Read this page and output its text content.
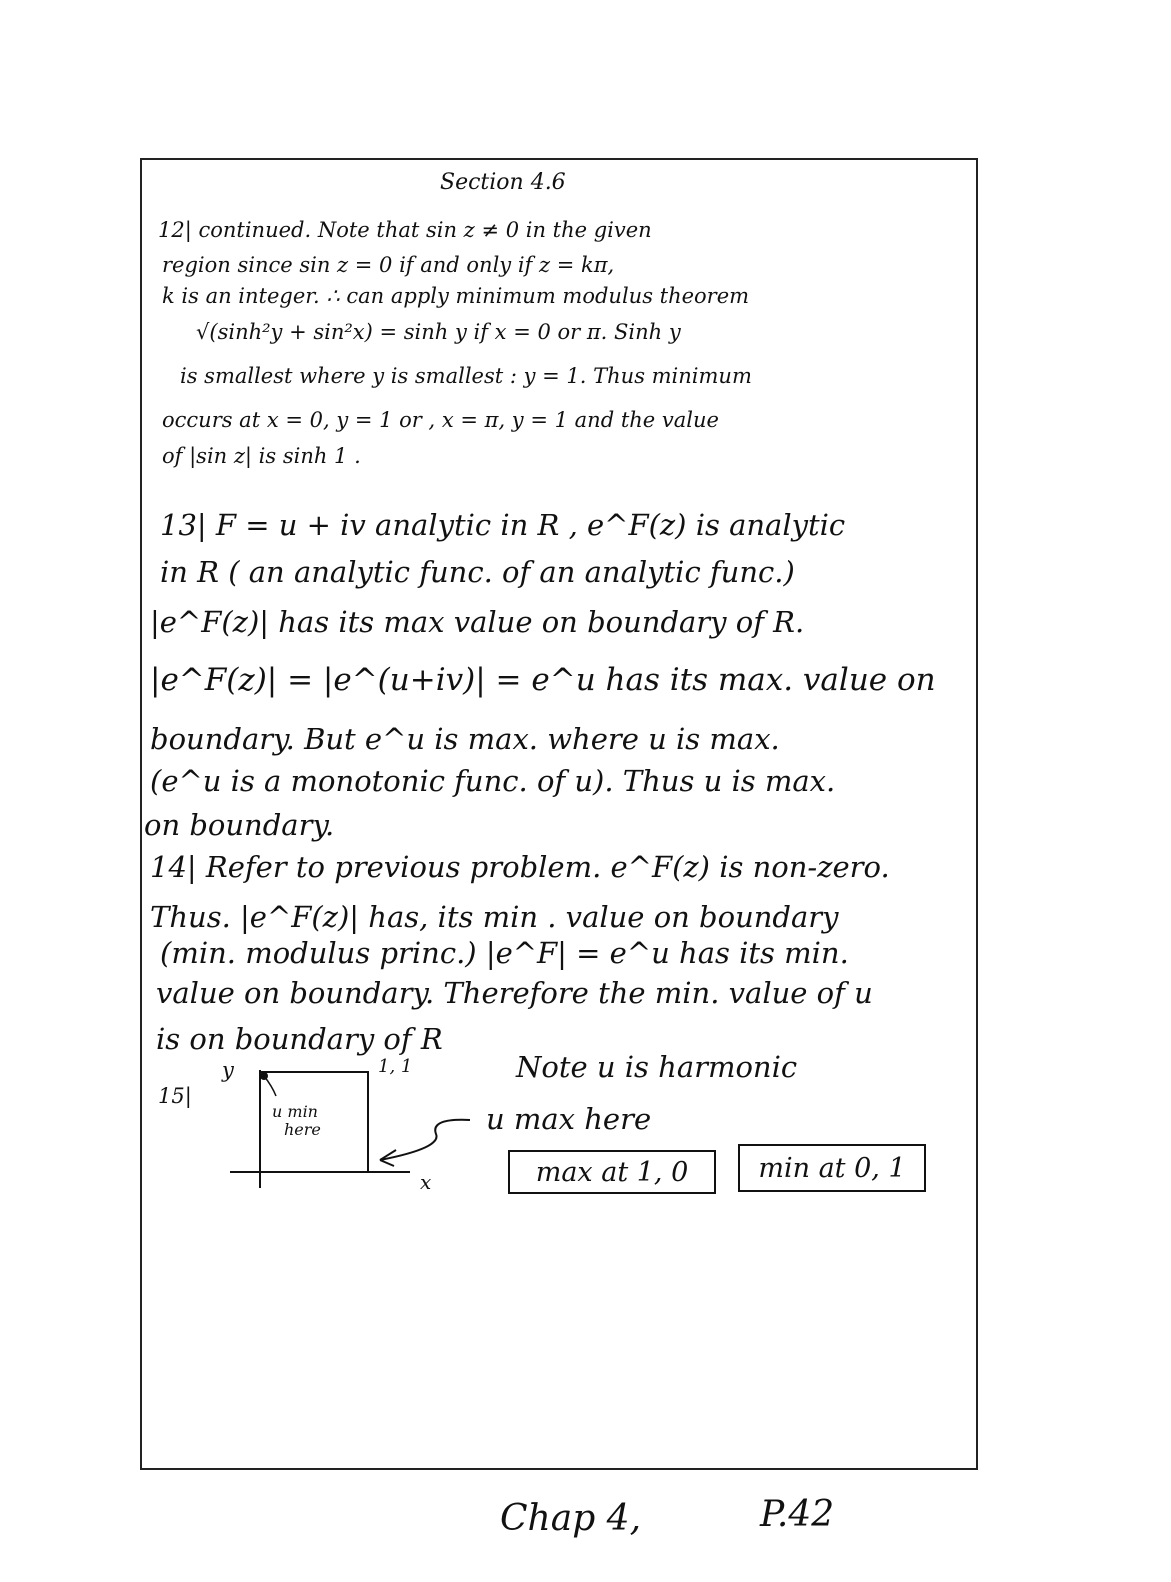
Section 4.6
12| continued. Note that sin z ≠ 0 in the given
region since sin z = 0 if and only if z = kπ,
k is an integer. ∴ can apply minimum modulus theorem
√(sinh²y + sin²x) = sinh y if x = 0 or π. Sinh y
is smallest where y is smallest : y = 1. Thus minimum
occurs at x = 0, y = 1 or , x = π, y = 1 and the value
of |sin z| is sinh 1 .
13| F = u + iv analytic in R , e^F(z) is analytic
in R ( an analytic func. of an analytic func.)
|e^F(z)| has its max value on boundary of R.
|e^F(z)| = |e^(u+iv)| = e^u has its max. value on
boundary. But e^u is max. where u is max.
(e^u is a monotonic func. of u). Thus u is max.
on boundary.
14| Refer to previous problem. e^F(z) is non-zero.
Thus. |e^F(z)| has, its min . value on boundary
(min. modulus princ.) |e^F| = e^u has its min.
value on boundary. Therefore the min. value of u
is on boundary of R
15|
y
x
1, 1
u min
here
Note u is harmonic
u max here
max at 1, 0	min at 0, 1
Chap 4,	P.42
